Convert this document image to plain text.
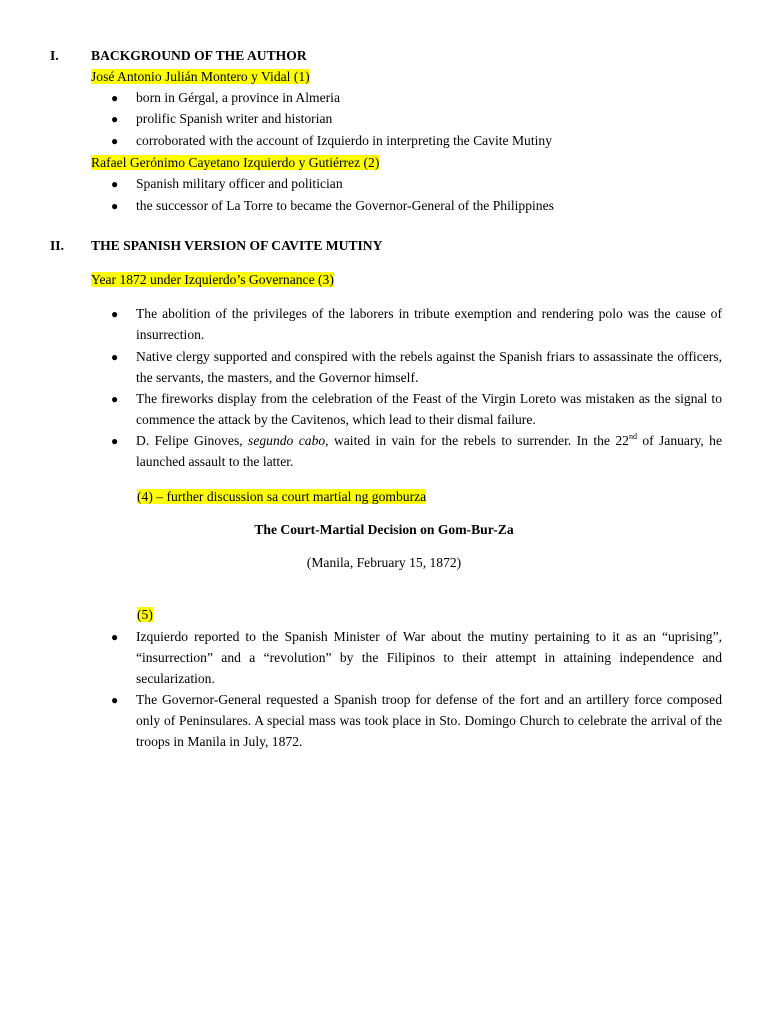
I.	BACKGROUND OF THE AUTHOR
José Antonio Julián Montero y Vidal (1)
●	born in Gérgal, a province in Almeria
●	prolific Spanish writer and historian
●	corroborated with the account of Izquierdo in interpreting the Cavite Mutiny
Rafael Gerónimo Cayetano Izquierdo y Gutiérrez (2)
●	Spanish military officer and politician
●	the successor of La Torre to became the Governor-General of the Philippines
II.	THE SPANISH VERSION OF CAVITE MUTINY
Year 1872 under Izquierdo’s Governance (3)
●	The abolition of the privileges of the laborers in tribute exemption and rendering polo was the cause of insurrection.
●	Native clergy supported and conspired with the rebels against the Spanish friars to assassinate the officers, the servants, the masters, and the Governor himself.
●	The fireworks display from the celebration of the Feast of the Virgin Loreto was mistaken as the signal to commence the attack by the Cavitenos, which lead to their dismal failure.
●	D. Felipe Ginoves, segundo cabo, waited in vain for the rebels to surrender. In the 22nd of January, he launched assault to the latter.
(4) – further discussion sa court martial ng gomburza
The Court-Martial Decision on Gom-Bur-Za
(Manila, February 15, 1872)
(5)
●	Izquierdo reported to the Spanish Minister of War about the mutiny pertaining to it as an “uprising”, “insurrection” and a “revolution” by the Filipinos to their attempt in attaining independence and secularization.
●	The Governor-General requested a Spanish troop for defense of the fort and an artillery force composed only of Peninsulares. A special mass was took place in Sto. Domingo Church to celebrate the arrival of the troops in Manila in July, 1872.
